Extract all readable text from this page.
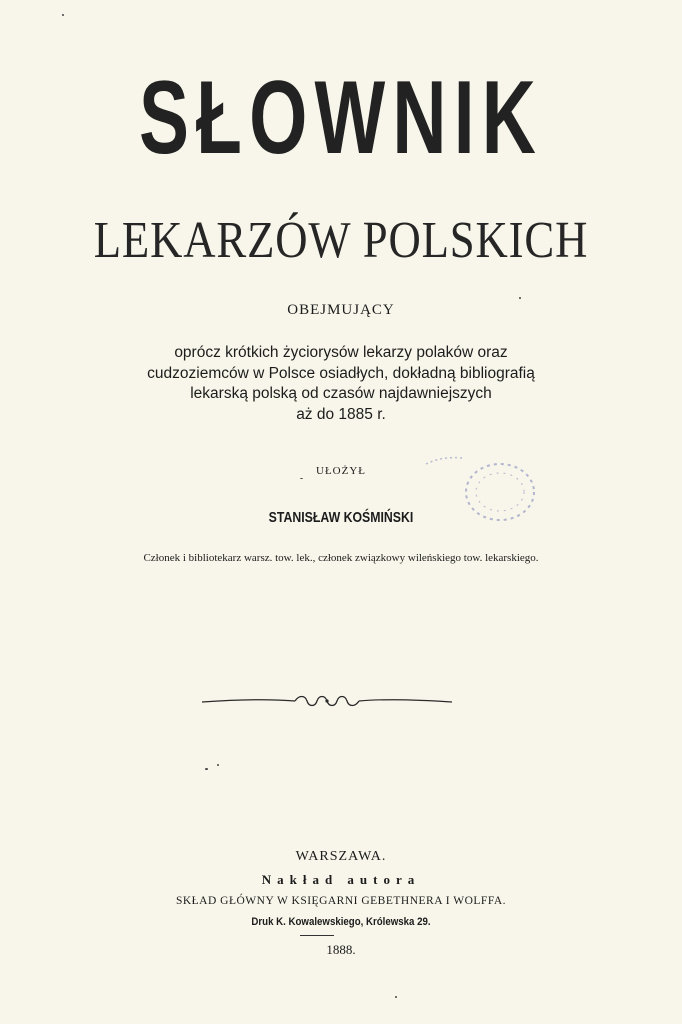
SŁOWNIK
LEKARZÓW POLSKICH
OBEJMUJĄCY
oprócz krótkich życiorysów lekarzy polaków oraz
cudzoziemców w Polsce osiadłych, dokładną bibliografią
lekarską polską od czasów najdawniejszych
aż do 1885 r.
UŁOŻYŁ
STANISŁAW KOŚMIŃSKI
Członek i bibliotekarz warsz. tow. lek., członek związkowy wileńskiego tow. lekarskiego.
WARSZAWA.
Nakład autora
SKŁAD GŁÓWNY W KSIĘGARNI GEBETHNERA I WOLFFA.
Druk K. Kowalewskiego, Królewska 29.
1888.
